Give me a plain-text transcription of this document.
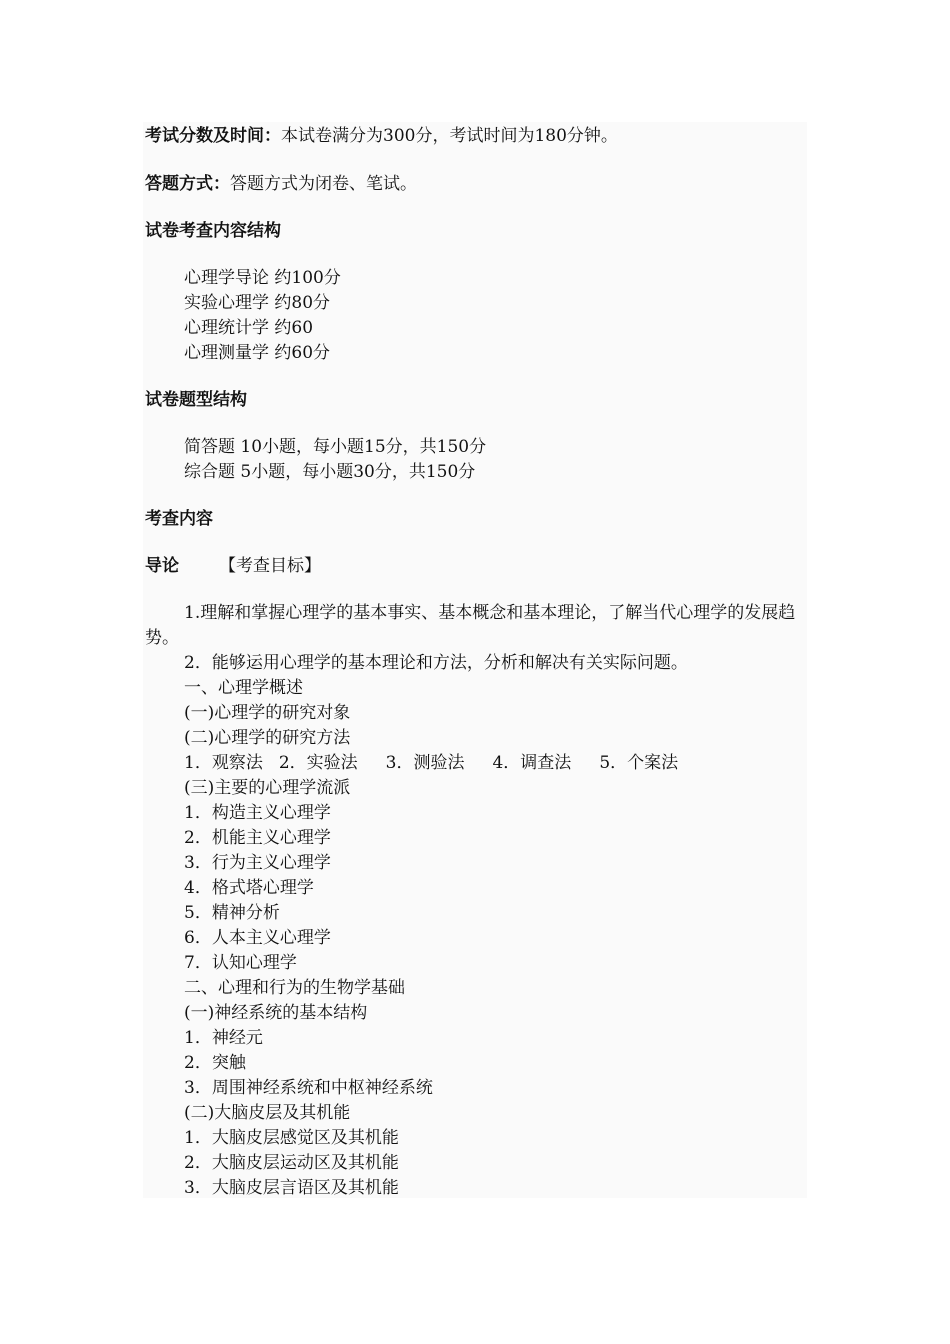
考试分数及时间：本试卷满分为300分，考试时间为180分钟。
答题方式：答题方式为闭卷、笔试。
试卷考查内容结构
心理学导论 约100分
实验心理学 约80分
心理统计学 约60
心理测量学 约60分
试卷题型结构
简答题 10小题，每小题15分，共150分
综合题 5小题，每小题30分，共150分
考查内容
导论 【考查目标】
1.理解和掌握心理学的基本事实、基本概念和基本理论，了解当代心理学的发展趋势。
2．能够运用心理学的基本理论和方法，分析和解决有关实际问题。
一、心理学概述
(一)心理学的研究对象
(二)心理学的研究方法
1．观察法 2．实验法 3．测验法 4．调查法 5．个案法
(三)主要的心理学流派
1．构造主义心理学
2．机能主义心理学
3．行为主义心理学
4．格式塔心理学
5．精神分析
6．人本主义心理学
7．认知心理学
二、心理和行为的生物学基础
(一)神经系统的基本结构
1．神经元
2．突触
3．周围神经系统和中枢神经系统
(二)大脑皮层及其机能
1．大脑皮层感觉区及其机能
2．大脑皮层运动区及其机能
3．大脑皮层言语区及其机能
